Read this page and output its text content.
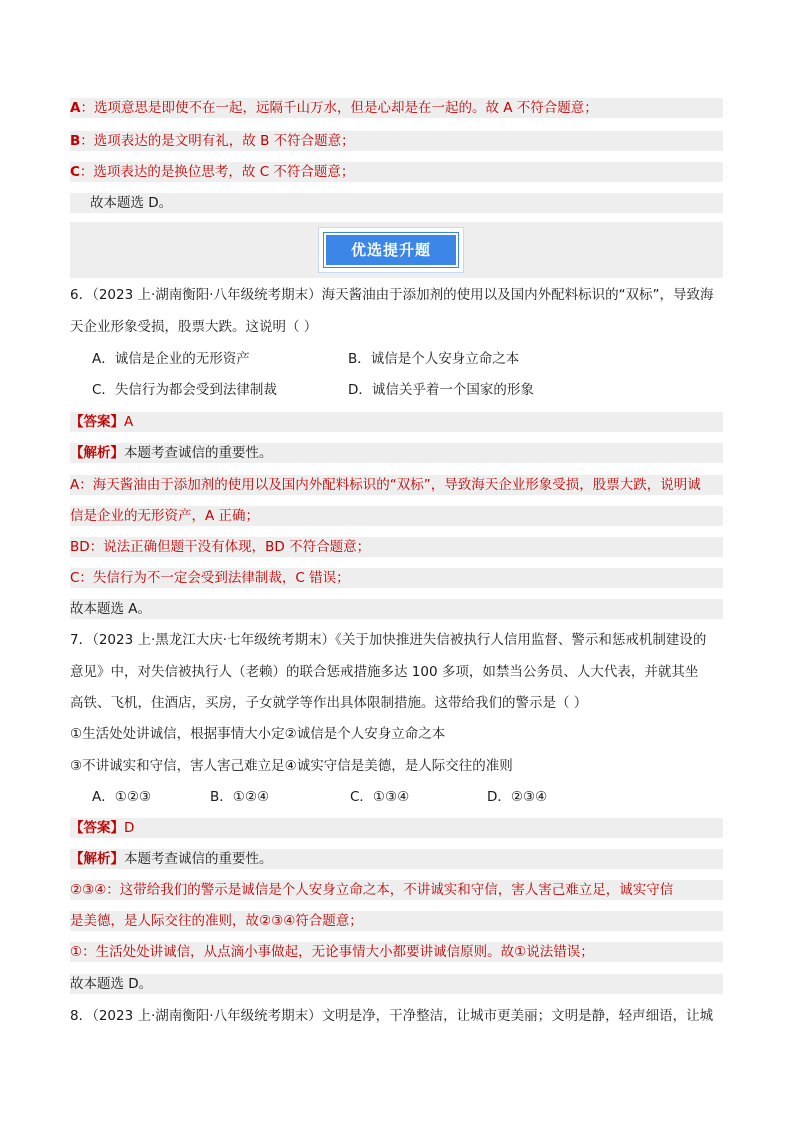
A：选项意思是即使不在一起，远隔千山万水，但是心却是在一起的。故 A 不符合题意；
B：选项表达的是文明有礼，故 B 不符合题意；
C：选项表达的是换位思考，故 C 不符合题意；
故本题选 D。
优选提升题
6．（2023 上·湖南衡阳·八年级统考期末）海天酱油由于添加剂的使用以及国内外配料标识的“双标”，导致海
天企业形象受损，股票大跌。这说明（ ）
A．诚信是企业的无形资产	B．诚信是个人安身立命之本
C．失信行为都会受到法律制裁	D．诚信关乎着一个国家的形象
【答案】A
【解析】本题考查诚信的重要性。
A：海天酱油由于添加剂的使用以及国内外配料标识的“双标”，导致海天企业形象受损，股票大跌，说明诚
信是企业的无形资产，A 正确；
BD：说法正确但题干没有体现，BD 不符合题意；
C：失信行为不一定会受到法律制裁，C 错误；
故本题选 A。
7．（2023 上·黑龙江大庆·七年级统考期末）《关于加快推进失信被执行人信用监督、警示和惩戒机制建设的
意见》中，对失信被执行人（老赖）的联合惩戒措施多达 100 多项，如禁当公务员、人大代表，并就其坐
高铁、飞机，住酒店，买房，子女就学等作出具体限制措施。这带给我们的警示是（ ）
①生活处处讲诚信，根据事情大小定②诚信是个人安身立命之本
③不讲诚实和守信，害人害己难立足④诚实守信是美德，是人际交往的准则
A．①②③	B．①②④	C．①③④	D．②③④
【答案】D
【解析】本题考查诚信的重要性。
②③④：这带给我们的警示是诚信是个人安身立命之本，不讲诚实和守信，害人害己难立足，诚实守信
是美德，是人际交往的准则，故②③④符合题意；
①：生活处处讲诚信，从点滴小事做起，无论事情大小都要讲诚信原则。故①说法错误；
故本题选 D。
8．（2023 上·湖南衡阳·八年级统考期末）文明是净，干净整洁，让城市更美丽；文明是静，轻声细语，让城
